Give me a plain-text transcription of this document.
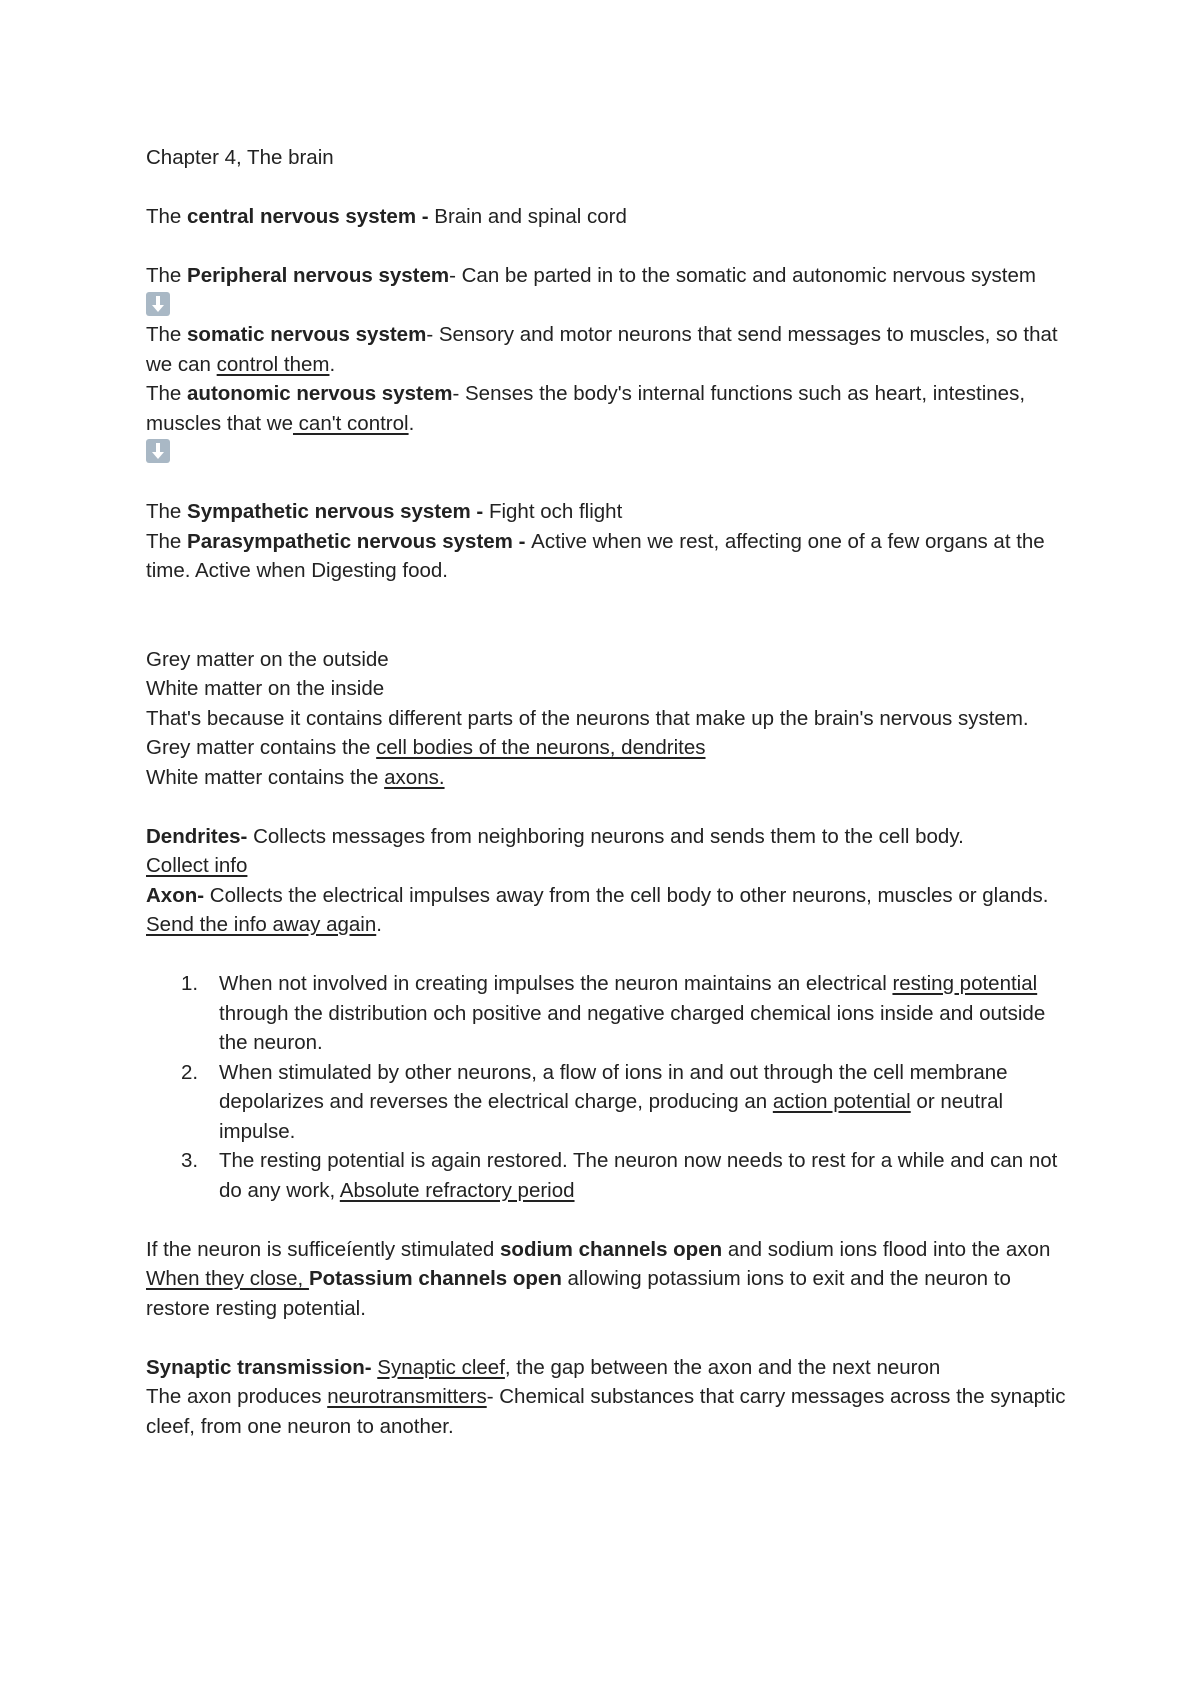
Chapter 4, The brain

The central nervous system - Brain and spinal cord

The Peripheral nervous system- Can be parted in to the somatic and autonomic nervous system

The somatic nervous system- Sensory and motor neurons that send messages to muscles, so that we can control them.

The autonomic nervous system- Senses the body's internal functions such as heart, intestines, muscles that we can't control.

The Sympathetic nervous system - Fight och flight

The Parasympathetic nervous system - Active when we rest, affecting one of a few organs at the time. Active when Digesting food.

Grey matter on the outside

White matter on the inside

That's because it contains different parts of the neurons that make up the brain's nervous system.

Grey matter contains the cell bodies of the neurons, dendrites

White matter contains the axons.

Dendrites- Collects messages from neighboring neurons and sends them to the cell body.

Collect info

Axon- Collects the electrical impulses away from the cell body to other neurons, muscles or glands. Send the info away again.

1. When not involved in creating impulses the neuron maintains an electrical resting potential through the distribution och positive and negative charged chemical ions inside and outside the neuron.
2. When stimulated by other neurons, a flow of ions in and out through the cell membrane depolarizes and reverses the electrical charge, producing an action potential or neutral impulse.
3. The resting potential is again restored. The neuron now needs to rest for a while and can not do any work, Absolute refractory period

If the neuron is sufficeíently stimulated sodium channels open and sodium ions flood into the axon

When they close, Potassium channels open allowing potassium ions to exit and the neuron to restore resting potential.

Synaptic transmission- Synaptic cleef, the gap between the axon and the next neuron

The axon produces neurotransmitters- Chemical substances that carry messages across the synaptic cleef, from one neuron to another.
